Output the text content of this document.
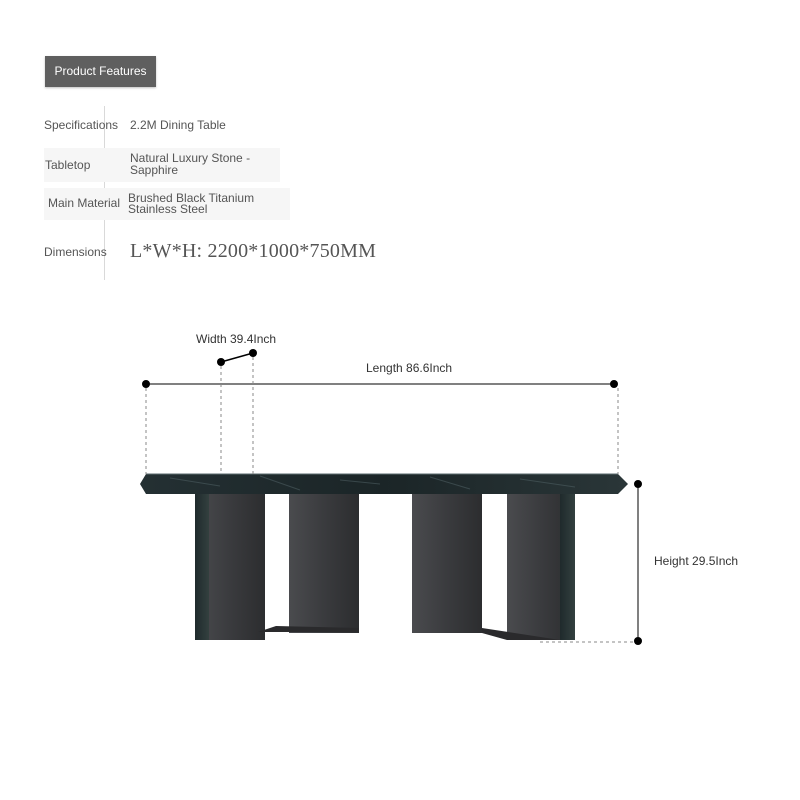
Product Features
Specifications 2.2M Dining Table
Tabletop	Natural Luxury Stone -
Sapphire
Main Material Brushed Black Titanium
Stainless Steel
Dimensions L*W*H: 2200*1000*750MM
Width 39.4Inch
Length 86.6Inch
Height 29.5Inch
